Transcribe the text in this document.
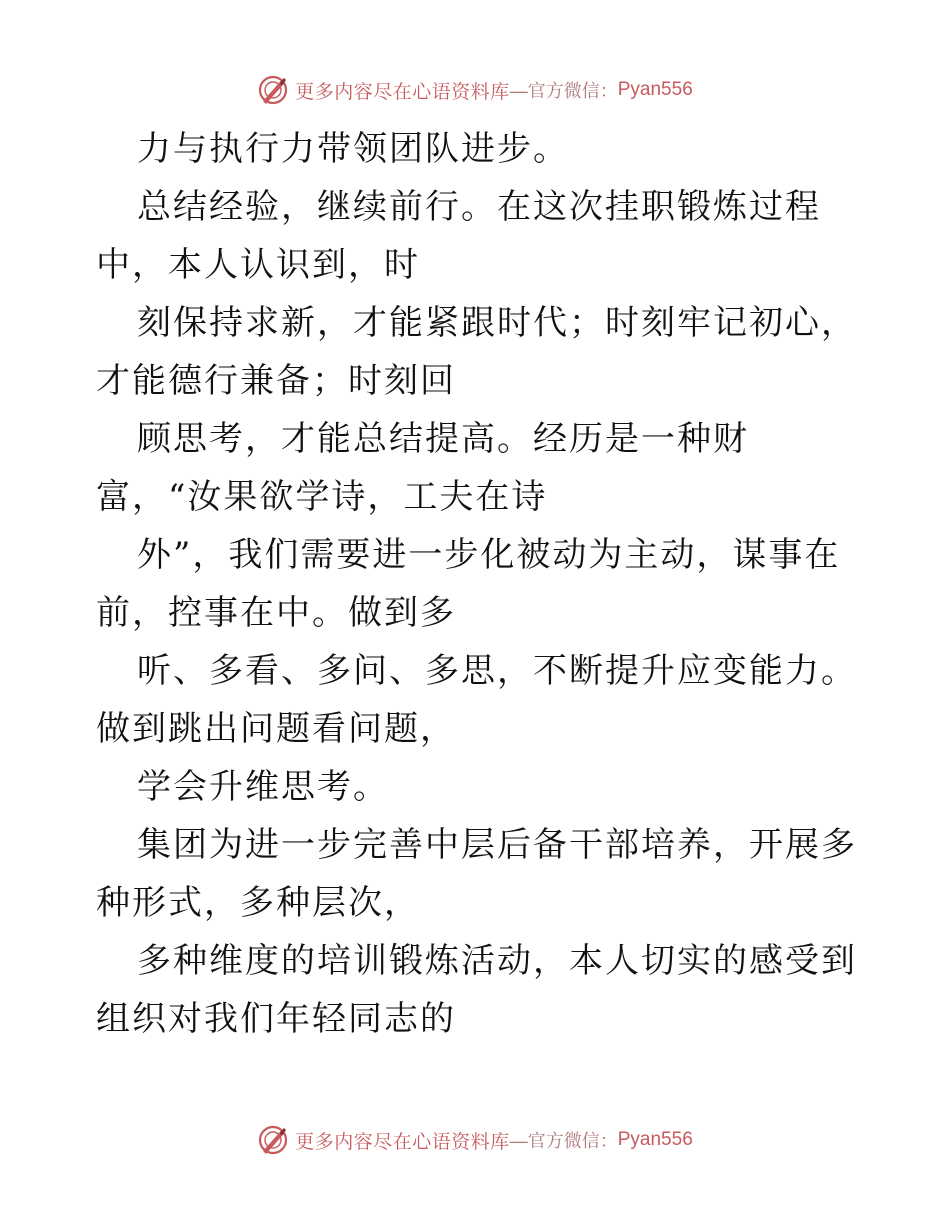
更多内容尽在心语资料库 —官方微信： Pyan556

力与执行力带领团队进步。

总结经验，继续前行。在这次挂职锻炼过程中，本人认识到，时

刻保持求新，才能紧跟时代；时刻牢记初心，才能德行兼备；时刻回

顾思考，才能总结提高。经历是一种财富，“汝果欲学诗，工夫在诗

外”，我们需要进一步化被动为主动，谋事在前，控事在中。做到多

听、多看、多问、多思，不断提升应变能力。做到跳出问题看问题，

学会升维思考。

集团为进一步完善中层后备干部培养，开展多种形式，多种层次，

多种维度的培训锻炼活动，本人切实的感受到组织对我们年轻同志的

更多内容尽在心语资料库 —官方微信： Pyan556
